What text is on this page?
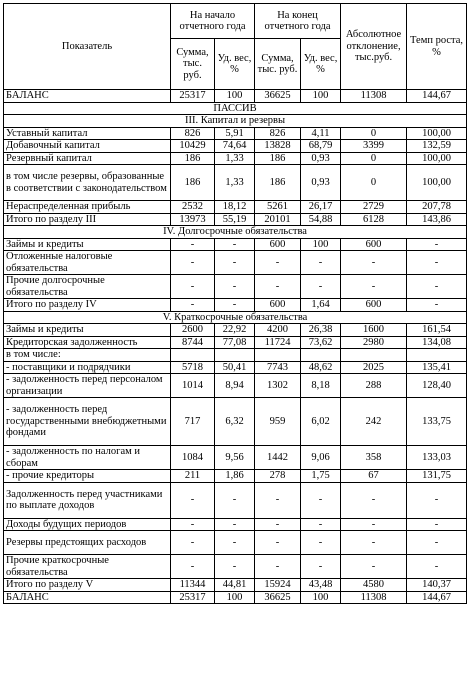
Показатель	На начало отчетного года		На конец отчетного года		Абсолютное отклонение, тыс.руб.	Темп роста, %
	Сумма, тыс. руб.	Уд. вес, %	Сумма, тыс. руб.	Уд. вес, %		
БАЛАНС	25317	100	36625	100	11308	144,67
ПАССИВ						
III. Капитал и резервы						
Уставный капитал	826	5,91	826	4,11	0	100,00
Добавочный капитал	10429	74,64	13828	68,79	3399	132,59
Резервный капитал	186	1,33	186	0,93	0	100,00
в том числе резервы, образованные в соответствии с законодательством	186	1,33	186	0,93	0	100,00
Нераспределенная прибыль	2532	18,12	5261	26,17	2729	207,78
Итого по разделу III	13973	55,19	20101	54,88	6128	143,86
IV. Долгосрочные обязательства						
Займы и кредиты	-	-	600	100	600	-
Отложенные налоговые обязательства	-	-	-	-	-	-
Прочие долгосрочные обязательства	-	-	-	-	-	-
Итого по разделу IV	-	-	600	1,64	600	-
V. Краткосрочные обязательства						
Займы и кредиты	2600	22,92	4200	26,38	1600	161,54
Кредиторская задолженность	8744	77,08	11724	73,62	2980	134,08
в том числе:						
- поставщики и подрядчики	5718	50,41	7743	48,62	2025	135,41
- задолженность перед персоналом организации	1014	8,94	1302	8,18	288	128,40
- задолженность перед государственными внебюджетными фондами	717	6,32	959	6,02	242	133,75
- задолженность по налогам и сборам	1084	9,56	1442	9,06	358	133,03
- прочие кредиторы	211	1,86	278	1,75	67	131,75
Задолженность перед участниками по выплате доходов	-	-	-	-	-	-
Доходы будущих периодов	-	-	-	-	-	-
Резервы предстоящих расходов	-	-	-	-	-	-
Прочие краткосрочные обязательства	-	-	-	-	-	-
Итого по разделу V	11344	44,81	15924	43,48	4580	140,37
БАЛАНС	25317	100	36625	100	11308	144,67
